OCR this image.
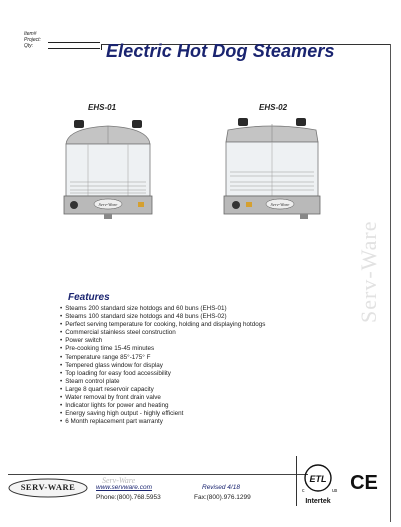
Item#
Project:
Qty:	Electric Hot Dog Steamers
EHS-01	EHS-02
Serv-Ware	Serv-Ware
Serv-Ware
Features
• Steams 200 standard size hotdogs and 60 buns (EHS-01)
• Steams 100 standard size hotdogs and 48 buns (EHS-02)
• Perfect serving temperature for cooking, holding and displaying hotdogs
• Commercial stainless steel construction
• Power switch
• Pre-cooking time 15-45 minutes
• Temperature range 85°-175° F
• Tempered glass window for display
• Top loading for easy food accessibility
• Steam control plate
• Large 8 quart reservoir capacity
• Water removal by front drain valve
• Indicator lights for power and heating
• Energy saving high output - highly efficient
• 6 Month replacement part warranty
SERV-WARE
Serv-Ware
www.servware.com	Revised 4/18
Phone:(800).768.5953	Fax:(800).976.1299
ETL
c	us
Intertek
CE
